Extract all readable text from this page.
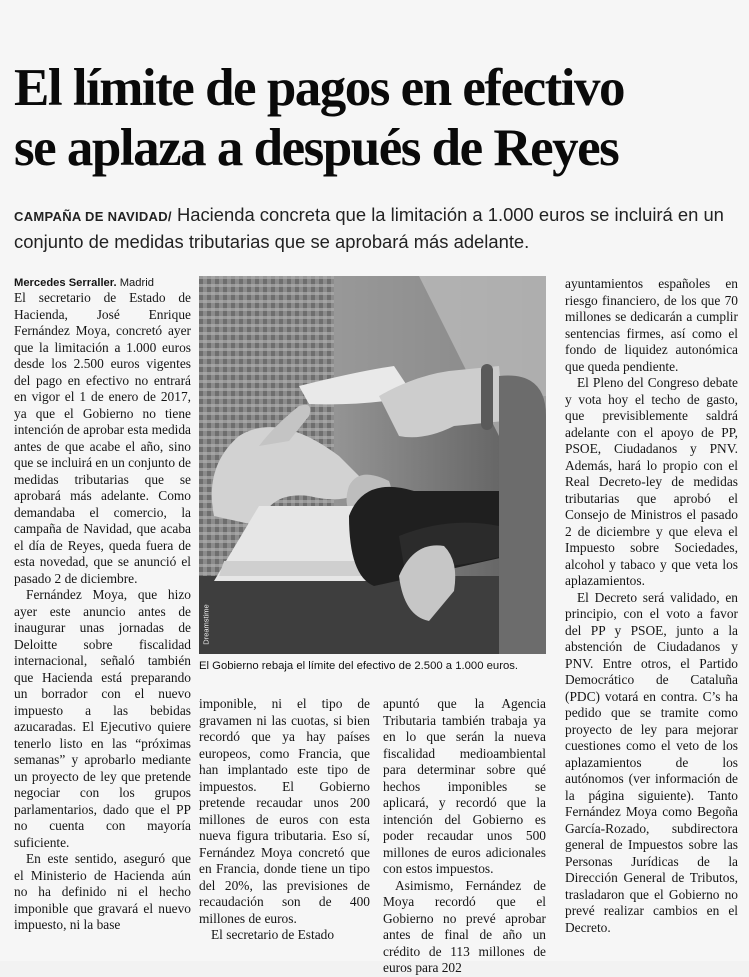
El límite de pagos en efectivo
se aplaza a después de Reyes
CAMPAÑA DE NAVIDAD/ Hacienda concreta que la limitación a 1.000 euros se incluirá en un conjunto de medidas tributarias que se aprobará más adelante.
Mercedes Serraller. Madrid

El secretario de Estado de Hacienda, José Enrique Fernández Moya, concretó ayer que la limitación a 1.000 euros desde los 2.500 euros vigentes del pago en efectivo no entrará en vigor el 1 de enero de 2017, ya que el Gobierno no tiene intención de aprobar esta medida antes de que acabe el año, sino que se incluirá en un conjunto de medidas tributarias que se aprobará más adelante. Como demandaba el comercio, la campaña de Navidad, que acaba el día de Reyes, queda fuera de esta novedad, que se anunció el pasado 2 de diciembre.

Fernández Moya, que hizo ayer este anuncio antes de inaugurar unas jornadas de Deloitte sobre fiscalidad internacional, señaló también que Hacienda está preparando un borrador con el nuevo impuesto a las bebidas azucaradas. El Ejecutivo quiere tenerlo listo en las “próximas semanas” y aprobarlo mediante un proyecto de ley que pretende negociar con los grupos parlamentarios, dado que el PP no cuenta con mayoría suficiente.

En este sentido, aseguró que el Ministerio de Hacienda aún no ha definido ni el hecho imponible que gravará el nuevo impuesto, ni la base

Dreamstime
El Gobierno rebaja el límite del efectivo de 2.500 a 1.000 euros.

imponible, ni el tipo de gravamen ni las cuotas, si bien recordó que ya hay países europeos, como Francia, que han implantado este tipo de impuestos. El Gobierno pretende recaudar unos 200 millones de euros con esta nueva figura tributaria. Eso sí, Fernández Moya concretó que en Francia, donde tiene un tipo del 20%, las previsiones de recaudación son de 400 millones de euros.

El secretario de Estado

apuntó que la Agencia Tributaria también trabaja ya en lo que serán la nueva fiscalidad medioambiental para determinar sobre qué hechos imponibles se aplicará, y recordó que la intención del Gobierno es poder recaudar unos 500 millones de euros adicionales con estos impuestos.

Asimismo, Fernández de Moya recordó que el Gobierno no prevé aprobar antes de final de año un crédito de 113 millones de euros para 202

ayuntamientos españoles en riesgo financiero, de los que 70 millones se dedicarán a cumplir sentencias firmes, así como el fondo de liquidez autonómica que queda pendiente.

El Pleno del Congreso debate y vota hoy el techo de gasto, que previsiblemente saldrá adelante con el apoyo de PP, PSOE, Ciudadanos y PNV. Además, hará lo propio con el Real Decreto-ley de medidas tributarias que aprobó el Consejo de Ministros el pasado 2 de diciembre y que eleva el Impuesto sobre Sociedades, alcohol y tabaco y que veta los aplazamientos.

El Decreto será validado, en principio, con el voto a favor del PP y PSOE, junto a la abstención de Ciudadanos y PNV. Entre otros, el Partido Democrático de Cataluña (PDC) votará en contra. C’s ha pedido que se tramite como proyecto de ley para mejorar cuestiones como el veto de los aplazamientos de los autónomos (ver información de la página siguiente). Tanto Fernández Moya como Begoña García-Rozado, subdirectora general de Impuestos sobre las Personas Jurídicas de la Dirección General de Tributos, trasladaron que el Gobierno no prevé realizar cambios en el Decreto.
